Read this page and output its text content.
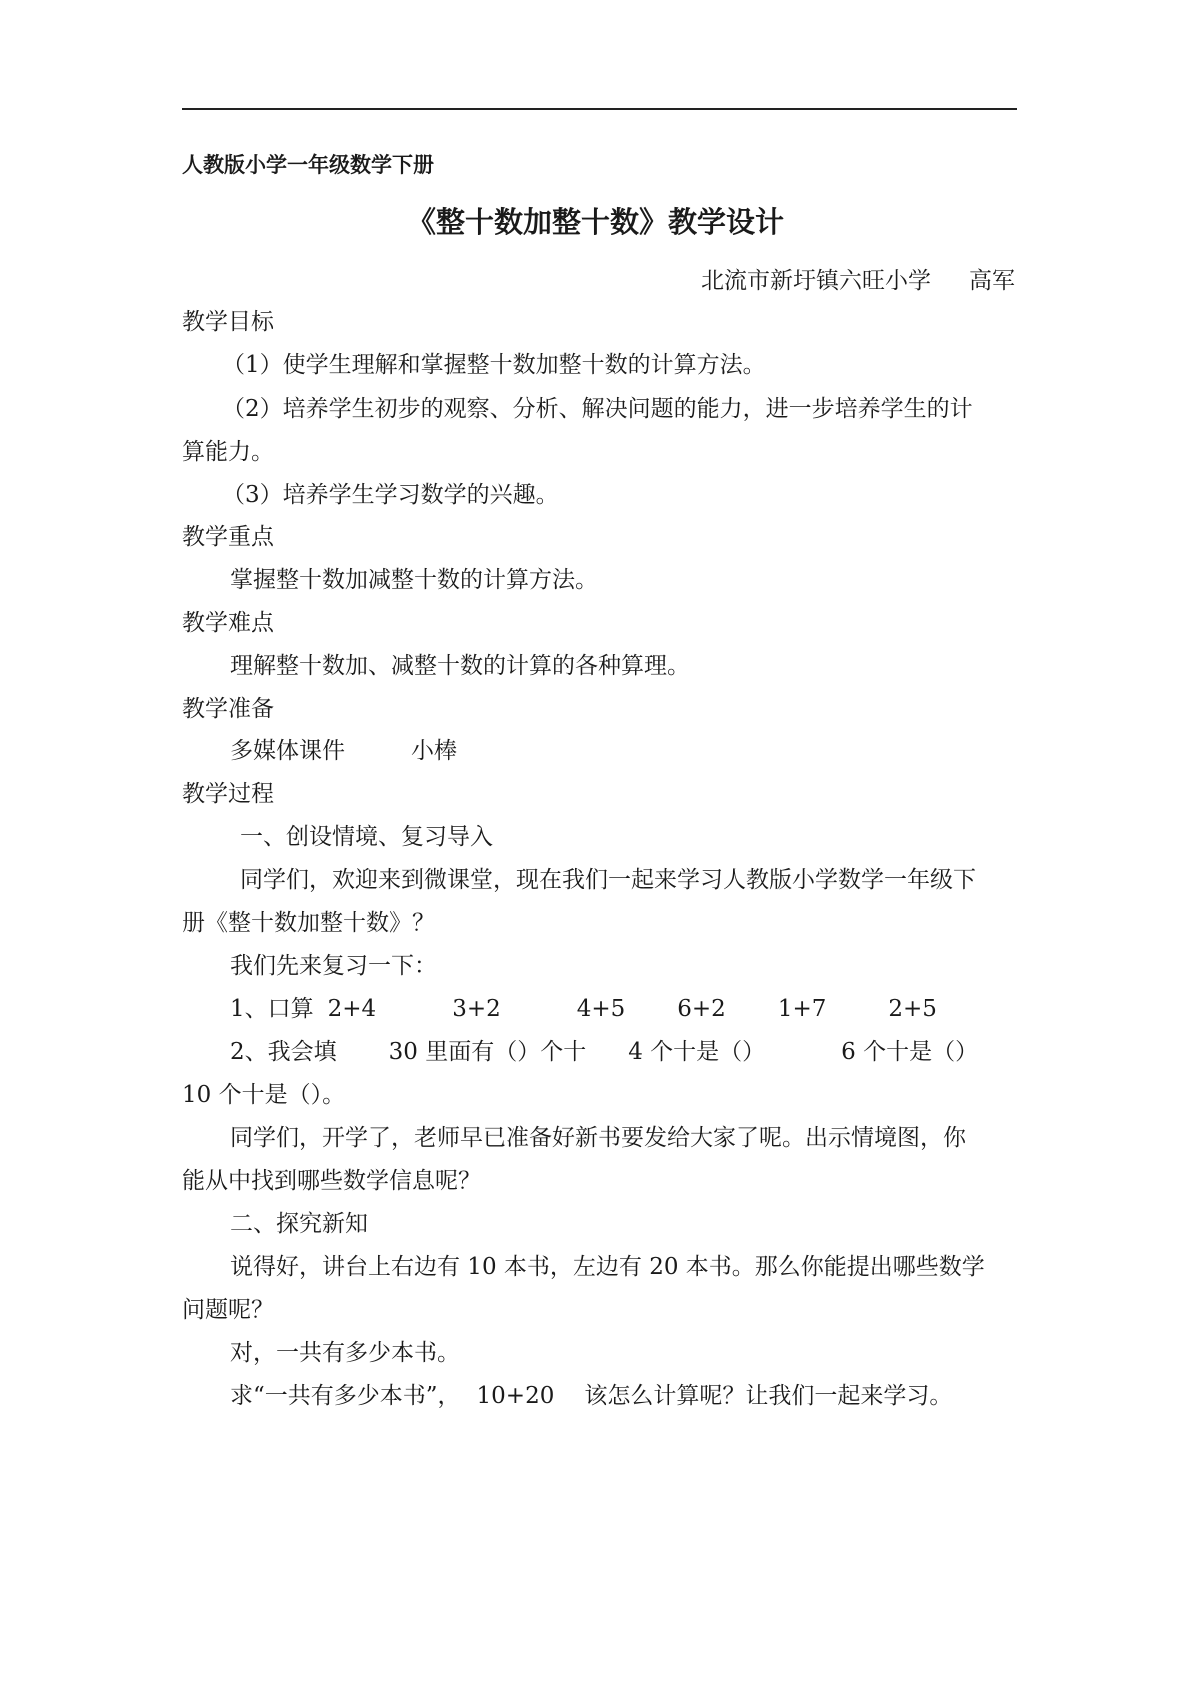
人教版小学一年级数学下册
《整十数加整十数》教学设计
北流市新圩镇六旺小学 高军
教学目标
（1）使学生理解和掌握整十数加整十数的计算方法。
（2）培养学生初步的观察、分析、解决问题的能力，进一步培养学生的计
算能力。
（3）培养学生学习数学的兴趣。
教学重点
掌握整十数加减整十数的计算方法。
教学难点
理解整十数加、减整十数的计算的各种算理。
教学准备
多媒体课件	小棒
教学过程
一、创设情境、复习导入
同学们，欢迎来到微课堂，现在我们一起来学习人教版小学数学一年级下
册《整十数加整十数》？
我们先来复习一下：
1、口算 2+4	3+2	4+5 6+2 1+7	2+5
2、我会填 30 里面有（）个十 4 个十是（）	6 个十是（）
10 个十是（）。
同学们，开学了，老师早已准备好新书要发给大家了呢。出示情境图，你
能从中找到哪些数学信息呢？
二、探究新知
说得好，讲台上右边有 10 本书，左边有 20 本书。那么你能提出哪些数学
问题呢？
对，一共有多少本书。
求“一共有多少本书”， 10+20 该怎么计算呢？让我们一起来学习。
